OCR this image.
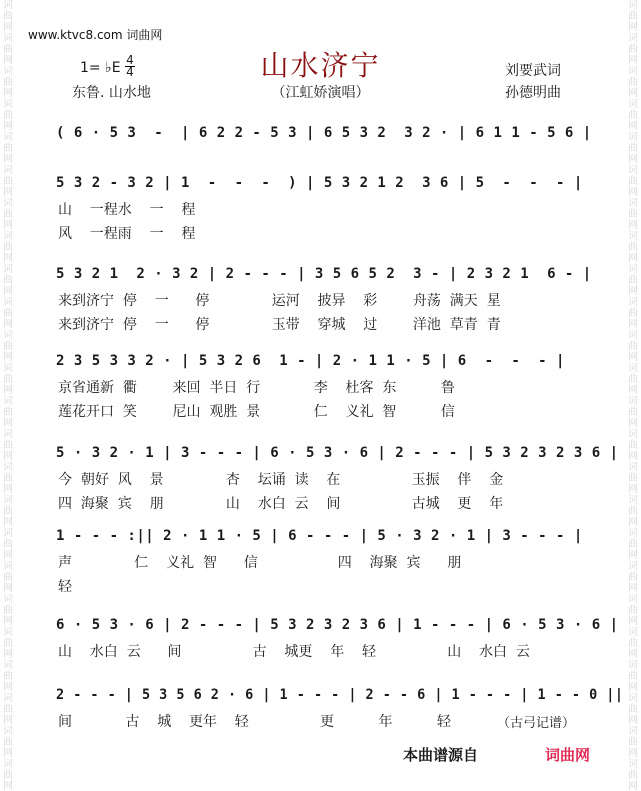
词
曲
网
词
曲
网
词
曲
网
词
曲
网
词
曲
网
词
曲
网
词
曲
网
词
曲
网
词
曲
网
词
曲
网
词
曲
网
词
曲
网
词
曲
网
词
曲
网
词
曲
网
词
曲
网
词
曲
网
词
曲
网
词
曲
网
词
曲
网
词
曲
网
词
曲
网
词
曲
网
词
曲
网
词
曲
网
词
曲
网
词
曲
网
词
曲
网
词
曲
网
词
曲
网
词
曲
网
词
曲
网
词
曲
网
词
曲
网
词
曲
网
词
曲
网
词
曲
网
词
曲
网
词
曲
网
词
曲
网
词
曲
网
词
曲
网
词
曲
网
词
曲
网
词
曲
网
词
曲
网
词
曲
网
词
曲
网
www.ktvc8.com 词曲网
山水济宁
（江虹娇演唱）
1= ♭E 4
4
东鲁. 山水地
刘要武词
孙德明曲
( 6 · 5 3  -  | 6 2 2 - 5 3 | 6 5 3 2  3 2 · | 6 1 1 - 5 6 |
5 3 2 - 3 2 | 1  -  -  -  ) | 5 3 2 1 2  3 6 | 5  -  -  - |
山    一程水    一    程
风    一程雨    一    程
5 3 2 1  2 · 3 2 | 2 - - - | 3 5 6 5 2  3 - | 2 3 2 1  6 - |
来到济宁  停    一      停              运河    披异    彩        舟荡  满天  星
来到济宁  停    一      停              玉带    穿城    过        洋池  草青  青
2 3 5 3 3 2 · | 5 3 2 6  1 - | 2 · 1 1 · 5 | 6  -  -  - |
京省通新  衢        来回  半日  行            李    杜客  东          鲁
莲花开口  笑        尼山  观胜  景            仁    义礼  智          信
5 · 3 2 · 1 | 3 - - - | 6 · 5 3 · 6 | 2 - - - | 5 3 2 3 2 3 6 |
今  朝好  风    景              杏    坛诵  读    在                玉振    伴    金
四  海聚  宾    朋              山    水白  云    间                古城    更    年
1 - - - :|| 2 · 1 1 · 5 | 6 - - - | 5 · 3 2 · 1 | 3 - - - |
声              仁    义礼  智      信                  四    海聚  宾      朋
轻
6 · 5 3 · 6 | 2 - - - | 5 3 2 3 2 3 6 | 1 - - - | 6 · 5 3 · 6 |
山    水白  云      间                古    城更    年    轻                山    水白  云
2 - - - | 5 3 5 6 2 · 6 | 1 - - - | 2 - - 6 | 1 - - - | 1 - - 0 ||
间            古    城    更年    轻                更          年          轻	（古弓记谱）
本曲谱源自	词曲网
